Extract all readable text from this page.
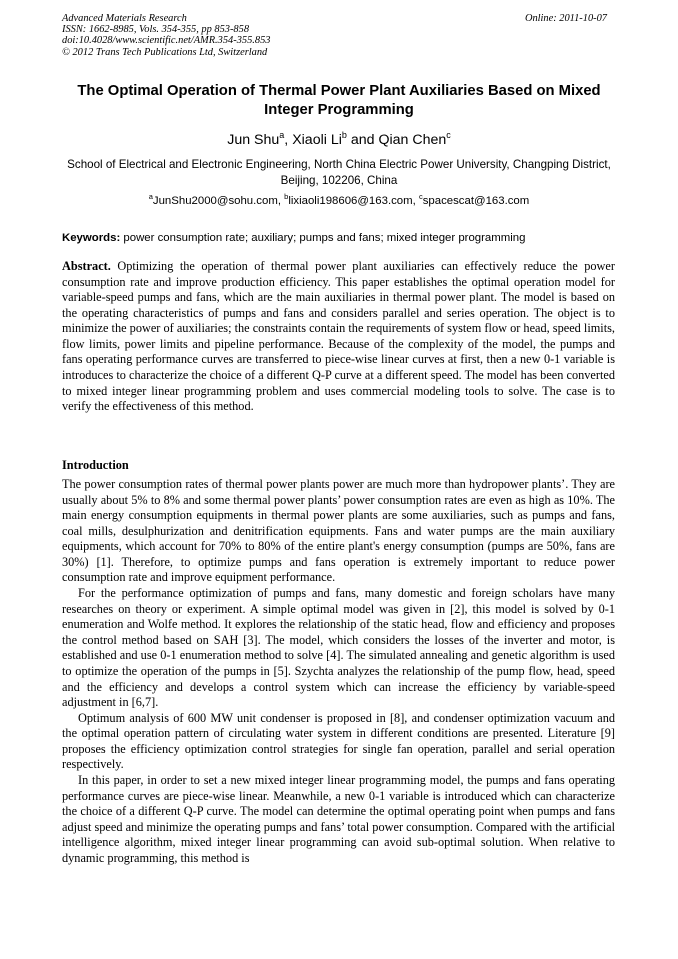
Advanced Materials Research
ISSN: 1662-8985, Vols. 354-355, pp 853-858
doi:10.4028/www.scientific.net/AMR.354-355.853
© 2012 Trans Tech Publications Ltd, Switzerland
Online: 2011-10-07
The Optimal Operation of Thermal Power Plant Auxiliaries Based on Mixed Integer Programming
Jun Shu$^a$, Xiaoli Li$^b$ and Qian Chen$^c$
School of Electrical and Electronic Engineering, North China Electric Power University, Changping District, Beijing, 102206, China
$^a$JunShu2000@sohu.com, $^b$lixiaoli198606@163.com, $^c$spacescat@163.com
Keywords: power consumption rate; auxiliary; pumps and fans; mixed integer programming
Abstract. Optimizing the operation of thermal power plant auxiliaries can effectively reduce the power consumption rate and improve production efficiency. This paper establishes the optimal operation model for variable-speed pumps and fans, which are the main auxiliaries in thermal power plant. The model is based on the operating characteristics of pumps and fans and considers parallel and series operation. The object is to minimize the power of auxiliaries; the constraints contain the requirements of system flow or head, speed limits, flow limits, power limits and pipeline performance. Because of the complexity of the model, the pumps and fans operating performance curves are transferred to piece-wise linear curves at first, then a new 0-1 variable is introduces to characterize the choice of a different Q-P curve at a different speed. The model has been converted to mixed integer linear programming problem and uses commercial modeling tools to solve. The case is to verify the effectiveness of this method.
Introduction

The power consumption rates of thermal power plants power are much more than hydropower plants’. They are usually about 5% to 8% and some thermal power plants’ power consumption rates are even as high as 10%. The main energy consumption equipments in thermal power plants are some auxiliaries, such as pumps and fans, coal mills, desulphurization and denitrification equipments. Fans and water pumps are the main auxiliary equipments, which account for 70% to 80% of the entire plant's energy consumption (pumps are 50%, fans are 30%) [1]. Therefore, to optimize pumps and fans operation is extremely important to reduce power consumption rate and improve equipment performance.

For the performance optimization of pumps and fans, many domestic and foreign scholars have many researches on theory or experiment. A simple optimal model was given in [2], this model is solved by 0-1 enumeration and Wolfe method. It explores the relationship of the static head, flow and efficiency and proposes the control method based on SAH [3]. The model, which considers the losses of the inverter and motor, is established and use 0-1 enumeration method to solve [4]. The simulated annealing and genetic algorithm is used to optimize the operation of the pumps in [5]. Szychta analyzes the relationship of the pump flow, head, speed and the efficiency and develops a control system which can increase the efficiency by variable-speed adjustment in [6,7].

Optimum analysis of 600 MW unit condenser is proposed in [8], and condenser optimization vacuum and the optimal operation pattern of circulating water system in different conditions are presented. Literature [9] proposes the efficiency optimization control strategies for single fan operation, parallel and serial operation respectively.

In this paper, in order to set a new mixed integer linear programming model, the pumps and fans operating performance curves are piece-wise linear. Meanwhile, a new 0-1 variable is introduced which can characterize the choice of a different Q-P curve. The model can determine the optimal operating point when pumps and fans adjust speed and minimize the operating pumps and fans’ total power consumption. Compared with the artificial intelligence algorithm, mixed integer linear programming can avoid sub-optimal solution. When relative to dynamic programming, this method is
